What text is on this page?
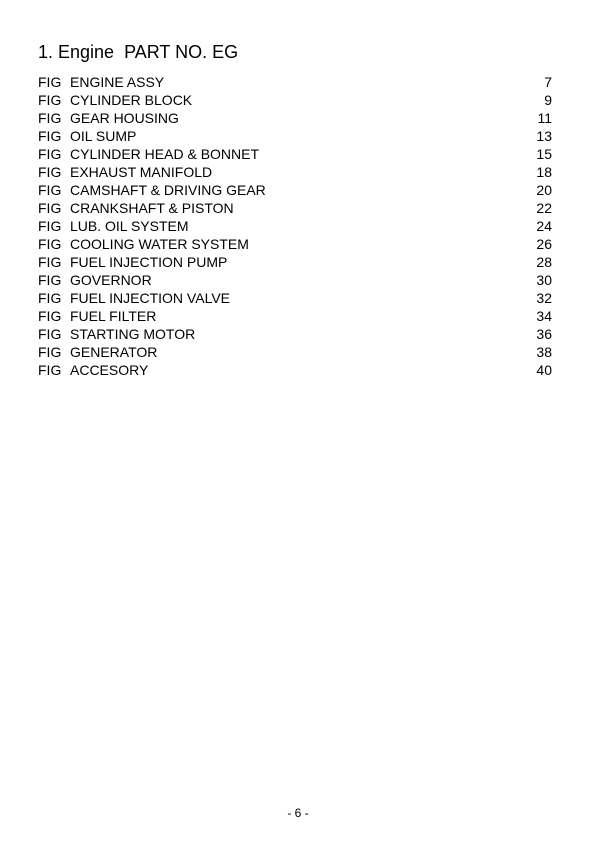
1. Engine  PART NO. EG
FIG ENGINE ASSY	7
FIG CYLINDER BLOCK	9
FIG GEAR HOUSING	11
FIG OIL SUMP	13
FIG CYLINDER HEAD & BONNET	15
FIG EXHAUST MANIFOLD	18
FIG CAMSHAFT & DRIVING GEAR	20
FIG CRANKSHAFT & PISTON	22
FIG LUB. OIL SYSTEM	24
FIG COOLING WATER SYSTEM	26
FIG FUEL INJECTION PUMP	28
FIG GOVERNOR	30
FIG FUEL INJECTION VALVE	32
FIG FUEL FILTER	34
FIG STARTING MOTOR	36
FIG GENERATOR	38
FIG ACCESORY	40
- 6 -
